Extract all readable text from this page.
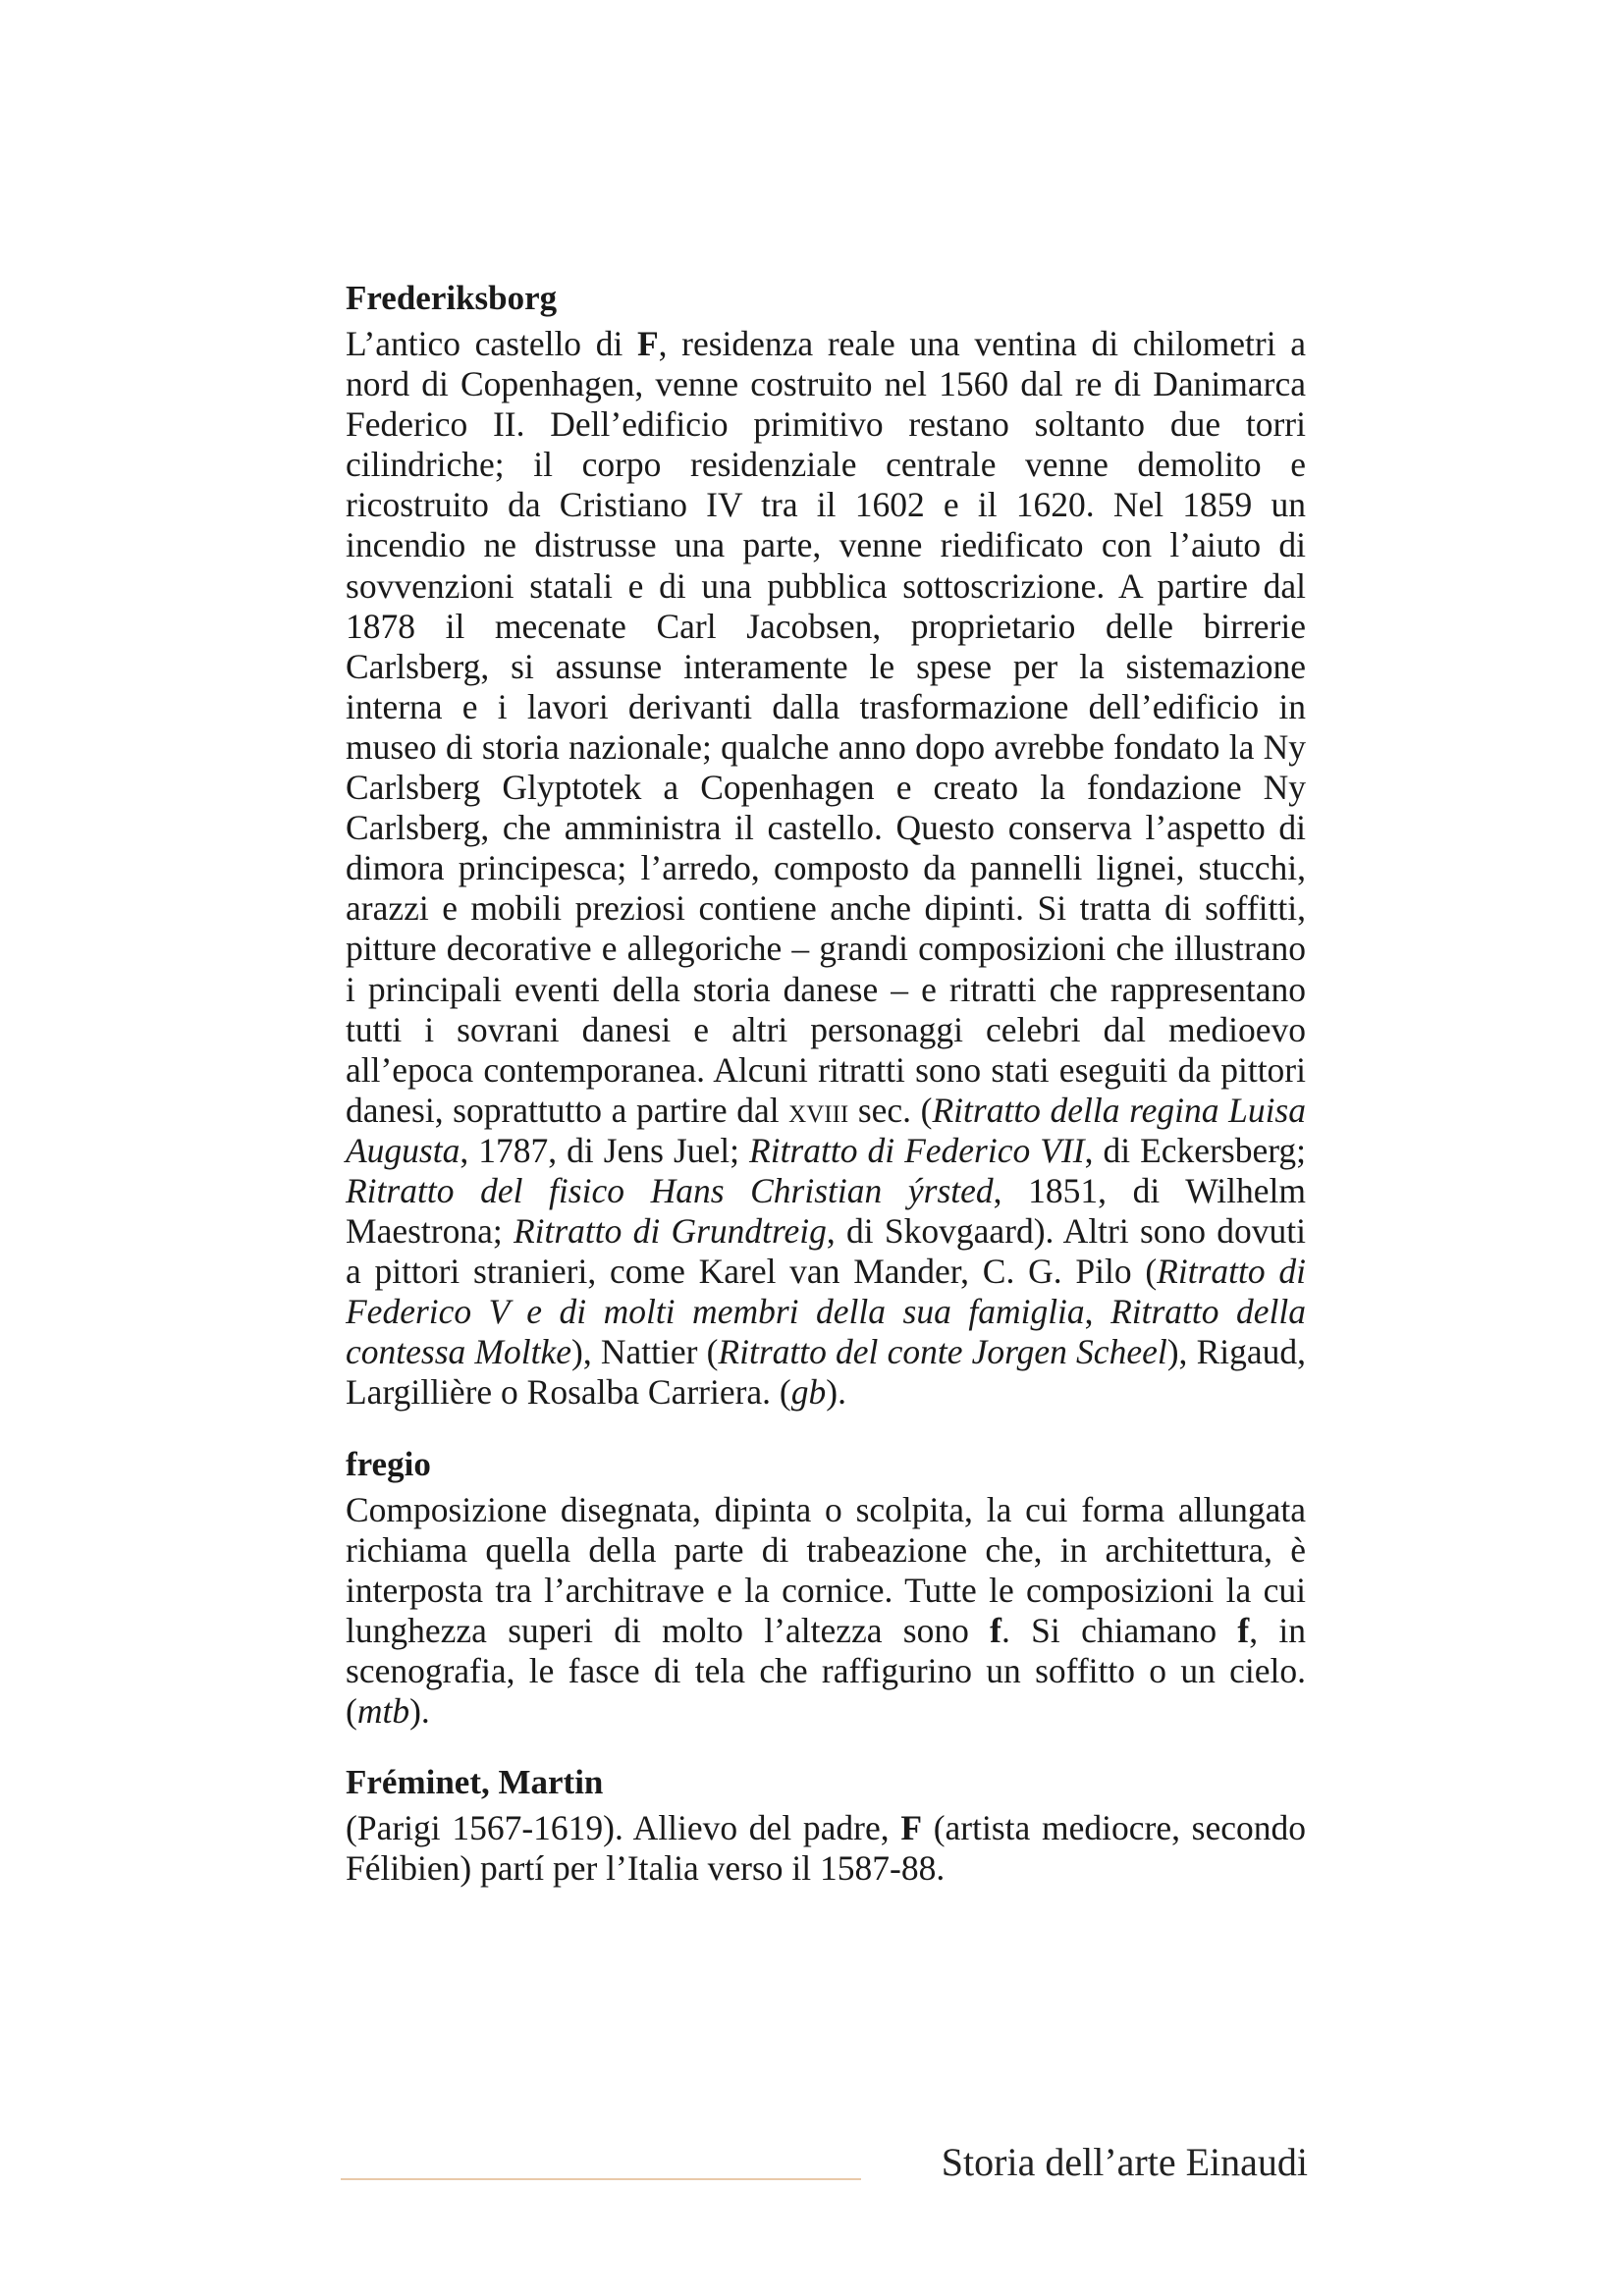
Frederiksborg

L’antico castello di F, residenza reale una ventina di chilometri a nord di Copenhagen, venne costruito nel 1560 dal re di Danimarca Federico II. Dell’edificio primitivo restano soltanto due torri cilindriche; il corpo residenziale centrale venne demolito e ricostruito da Cristiano IV tra il 1602 e il 1620. Nel 1859 un incendio ne distrusse una parte, venne riedificato con l’aiuto di sovvenzioni statali e di una pubblica sottoscrizione. A partire dal 1878 il mecenate Carl Jacobsen, proprietario delle birrerie Carlsberg, si assunse interamente le spese per la sistemazione interna e i lavori derivanti dalla trasformazione dell’edificio in museo di storia nazionale; qualche anno dopo avrebbe fondato la Ny Carlsberg Glyptotek a Copenhagen e creato la fondazione Ny Carlsberg, che amministra il castello. Questo conserva l’aspetto di dimora principesca; l’arredo, composto da pannelli lignei, stucchi, arazzi e mobili preziosi contiene anche dipinti. Si tratta di soffitti, pitture decorative e allegoriche – grandi composizioni che illustrano i principali eventi della storia danese – e ritratti che rappresentano tutti i sovrani danesi e altri personaggi celebri dal medioevo all’epoca contemporanea. Alcuni ritratti sono stati eseguiti da pittori danesi, soprattutto a partire dal xviii sec. (Ritratto della regina Luisa Augusta, 1787, di Jens Juel; Ritratto di Federico VII, di Eckersberg; Ritratto del fisico Hans Christian ýrsted, 1851, di Wilhelm Maestrona; Ritratto di Grundtreig, di Skovgaard). Altri sono dovuti a pittori stranieri, come Karel van Mander, C. G. Pilo (Ritratto di Federico V e di molti membri della sua famiglia, Ritratto della contessa Moltke), Nattier (Ritratto del conte Jorgen Scheel), Rigaud, Largillière o Rosalba Carriera. (gb).

fregio

Composizione disegnata, dipinta o scolpita, la cui forma allungata richiama quella della parte di trabeazione che, in architettura, è interposta tra l’architrave e la cornice. Tutte le composizioni la cui lunghezza superi di molto l’altezza sono f. Si chiamano f, in scenografia, le fasce di tela che raffigurino un soffitto o un cielo. (mtb).

Fréminet, Martin

(Parigi 1567-1619). Allievo del padre, F (artista mediocre, secondo Félibien) partí per l’Italia verso il 1587-88.

Storia dell’arte Einaudi
